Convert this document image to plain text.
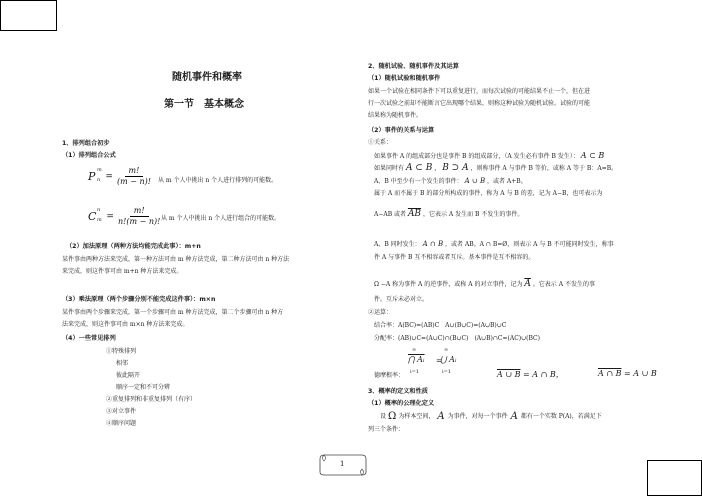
随机事件和概率
第一节　基本概念
1、排列组合初步
（1）排列组合公式
P m
$n = \frac{m!}{(m - n)!}$ 从 m 个人中挑出 n 个人进行排列的可能数。
C n
$m = \frac{m!}{n!(m - n)!}$ 从 m 个人中挑出 n 个人进行组合的可能数。
（2）加法原理（两种方法均能完成此事）：m+n
某件事由两种方法来完成，第一种方法可由 m 种方法完成，第二种方法可由 n 种方法
来完成，则这件事可由 m+n 种方法来完成。
（3）乘法原理（两个步骤分别不能完成这件事）：m×n
某件事由两个步骤来完成，第一个步骤可由 m 种方法完成，第二个步骤可由 n 种方
法来完成，则这件事可由 m×n 种方法来完成。
（4）一些常见排列
①特殊排列
相邻
彼此隔开
顺序一定和不可分辨
②重复排列和非重复排列（有序）
③对立事件
④顺序问题
2、随机试验、随机事件及其运算
（1）随机试验和随机事件
如果一个试验在相同条件下可以重复进行，而每次试验的可能结果不止一个，但在进
行一次试验之前却不能断言它出现哪个结果，则称这种试验为随机试验。试验的可能
结果称为随机事件。
（2）事件的关系与运算
①关系：
如果事件 A 的组成部分也是事件 B 的组成部分，（A 发生必有事件 B 发生）： A ⊂ B
如果同时有 A ⊂ B ， B ⊃ A ，则称事件 A 与事件 B 等价，或称 A 等于 B：A=B。
A、B 中至少有一个发生的事件： A ∪ B ，或者 A+B。
属于 A 而不属于 B 的部分所构成的事件，称为 A 与 B 的差，记为 A−B，也可表示为
A−AB 或者 $\overline{AB}$ ，它表示 A 发生而 B 不发生的事件。
A、B 同时发生： A ∩ B ，或者 AB。A ∩ B=Ø，则表示 A 与 B 不可能同时发生，称事
件 A 与事件 B 互不相容或者互斥。基本事件是互不相容的。
Ω −A 称为事件 A 的逆事件，或称 A 的对立事件，记为 $\overline{A}$ 。它表示 A 不发生的事
件。互斥未必对立。
②运算：
结合率：A(BC)=(AB)C　A∪(B∪C)=(A∪B)∪C
分配率：(AB)∪C=(A∪C)∩(B∪C)　(A∪B)∩C=(AC)∪(BC)
德摩根率：
∞
⋂ Aᵢ
i=1
=
∞
⋃ Aᵢ
i=1	A ∪ B = A ∩ B，	A ∩ B = A ∪ B
3、概率的定义和性质
（1）概率的公理化定义
设 Ω 为样本空间， A 为事件，对每一个事件 A 都有一个实数 P(A)，若满足下
列三个条件：
1
